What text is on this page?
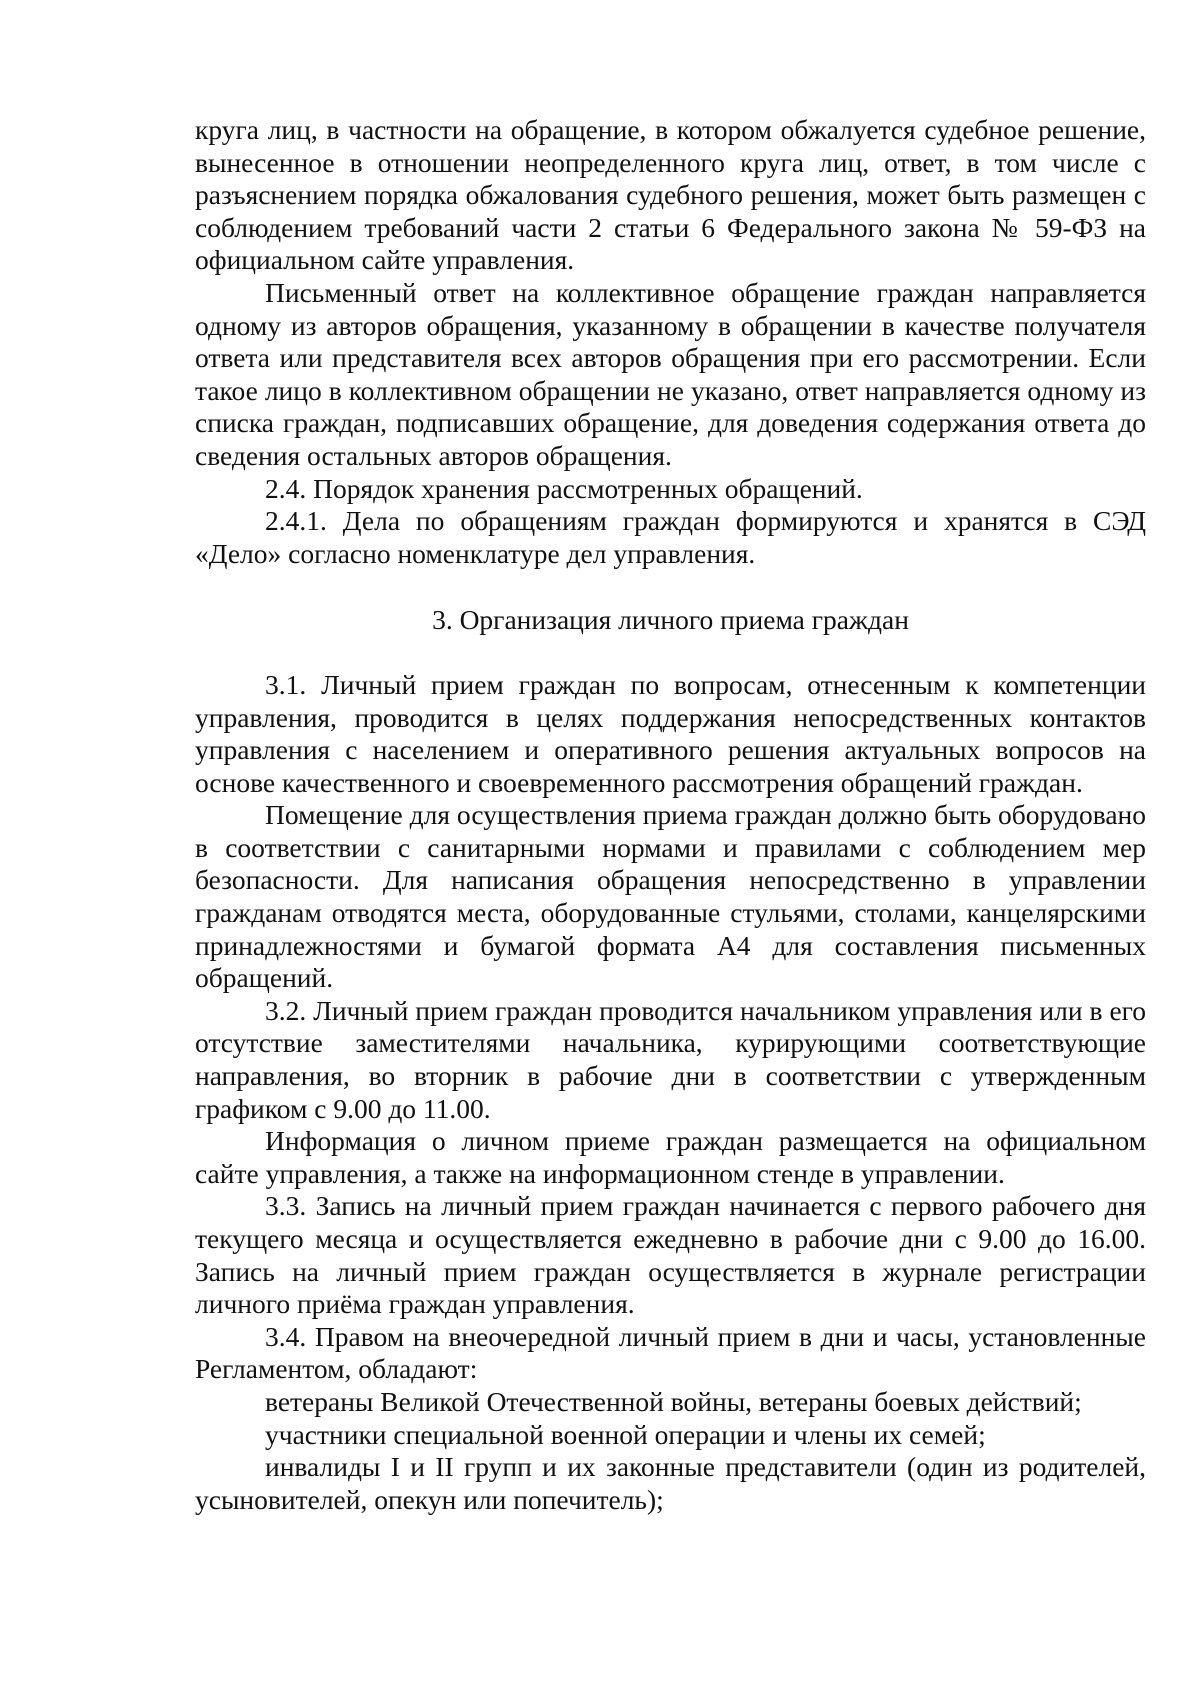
круга лиц, в частности на обращение, в котором обжалуется судебное решение, вынесенное в отношении неопределенного круга лиц, ответ, в том числе с разъяснением порядка обжалования судебного решения, может быть размещен с соблюдением требований части 2 статьи 6 Федерального закона № 59-ФЗ на официальном сайте управления.

Письменный ответ на коллективное обращение граждан направляется одному из авторов обращения, указанному в обращении в качестве получателя ответа или представителя всех авторов обращения при его рассмотрении. Если такое лицо в коллективном обращении не указано, ответ направляется одному из списка граждан, подписавших обращение, для доведения содержания ответа до сведения остальных авторов обращения.

2.4. Порядок хранения рассмотренных обращений.

2.4.1. Дела по обращениям граждан формируются и хранятся в СЭД «Дело» согласно номенклатуре дел управления.

3. Организация личного приема граждан

3.1. Личный прием граждан по вопросам, отнесенным к компетенции управления, проводится в целях поддержания непосредственных контактов управления с населением и оперативного решения актуальных вопросов на основе качественного и своевременного рассмотрения обращений граждан.

Помещение для осуществления приема граждан должно быть оборудовано в соответствии с санитарными нормами и правилами с соблюдением мер безопасности. Для написания обращения непосредственно в управлении гражданам отводятся места, оборудованные стульями, столами, канцелярскими принадлежностями и бумагой формата А4 для составления письменных обращений.

3.2. Личный прием граждан проводится начальником управления или в его отсутствие заместителями начальника, курирующими соответствующие направления, во вторник в рабочие дни в соответствии с утвержденным графиком с 9.00 до 11.00.

Информация о личном приеме граждан размещается на официальном сайте управления, а также на информационном стенде в управлении.

3.3. Запись на личный прием граждан начинается с первого рабочего дня текущего месяца и осуществляется ежедневно в рабочие дни с 9.00 до 16.00. Запись на личный прием граждан осуществляется в журнале регистрации личного приёма граждан управления.

3.4. Правом на внеочередной личный прием в дни и часы, установленные Регламентом, обладают:

ветераны Великой Отечественной войны, ветераны боевых действий;

участники специальной военной операции и члены их семей;

инвалиды I и II групп и их законные представители (один из родителей, усыновителей, опекун или попечитель);
